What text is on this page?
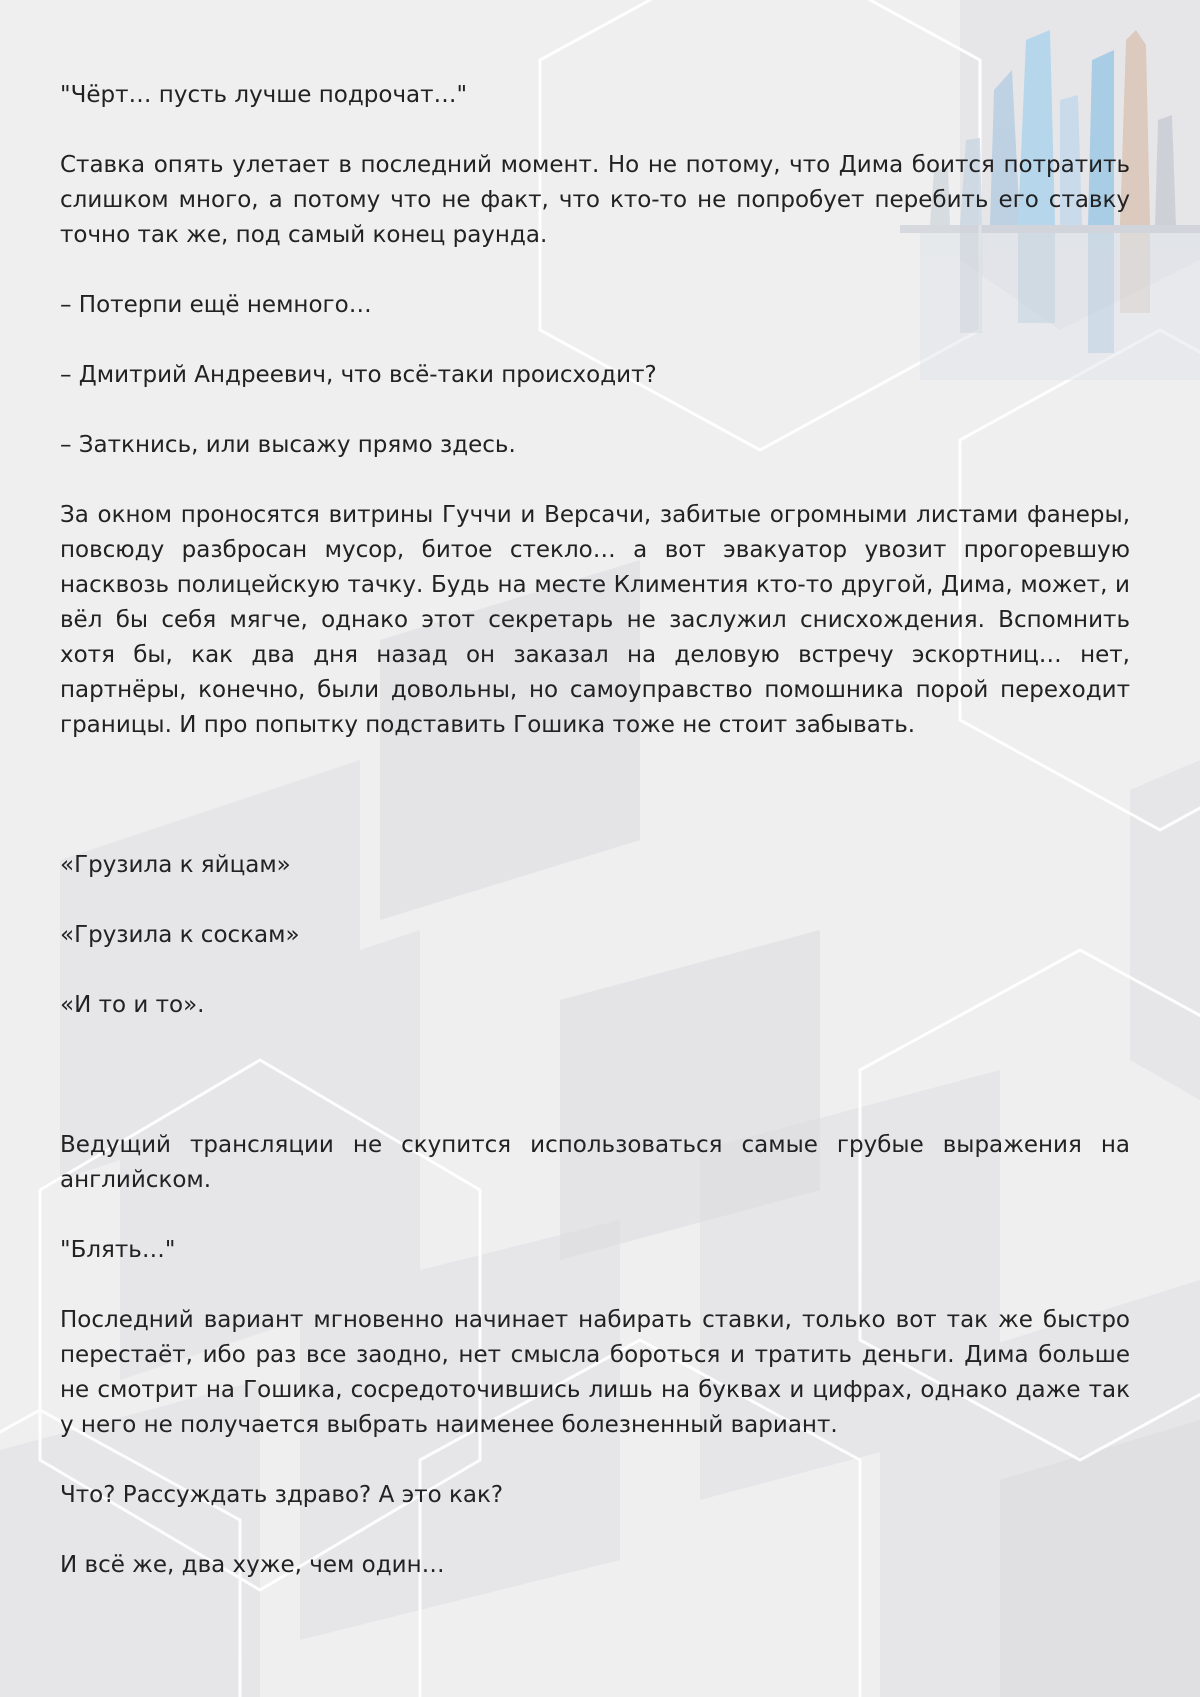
"Чёрт… пусть лучше подрочат…"

Ставка опять улетает в последний момент. Но не потому, что Дима боится потратить слишком много, а потому что не факт, что кто-то не попробует перебить его ставку точно так же, под самый конец раунда.

– Потерпи ещё немного…

– Дмитрий Андреевич, что всё-таки происходит?

– Заткнись, или высажу прямо здесь.

За окном проносятся витрины Гуччи и Версачи, забитые огромными листами фанеры, повсюду разбросан мусор, битое стекло… а вот эвакуатор увозит прогоревшую насквозь полицейскую тачку. Будь на месте Климентия кто-то другой, Дима, может, и вёл бы себя мягче, однако этот секретарь не заслужил снисхождения. Вспомнить хотя бы, как два дня назад он заказал на деловую встречу эскортниц… нет, партнёры, конечно, были довольны, но самоуправство помошника порой переходит границы. И про попытку подставить Гошика тоже не стоит забывать.

«Грузила к яйцам»

«Грузила к соскам»

«И то и то».

Ведущий трансляции не скупится использоваться самые грубые выражения на английском.

"Блять…"

Последний вариант мгновенно начинает набирать ставки, только вот так же быстро перестаёт, ибо раз все заодно, нет смысла бороться и тратить деньги. Дима больше не смотрит на Гошика, сосредоточившись лишь на буквах и цифрах, однако даже так у него не получается выбрать наименее болезненный вариант.

Что? Рассуждать здраво? А это как?

И всё же, два хуже, чем один…
